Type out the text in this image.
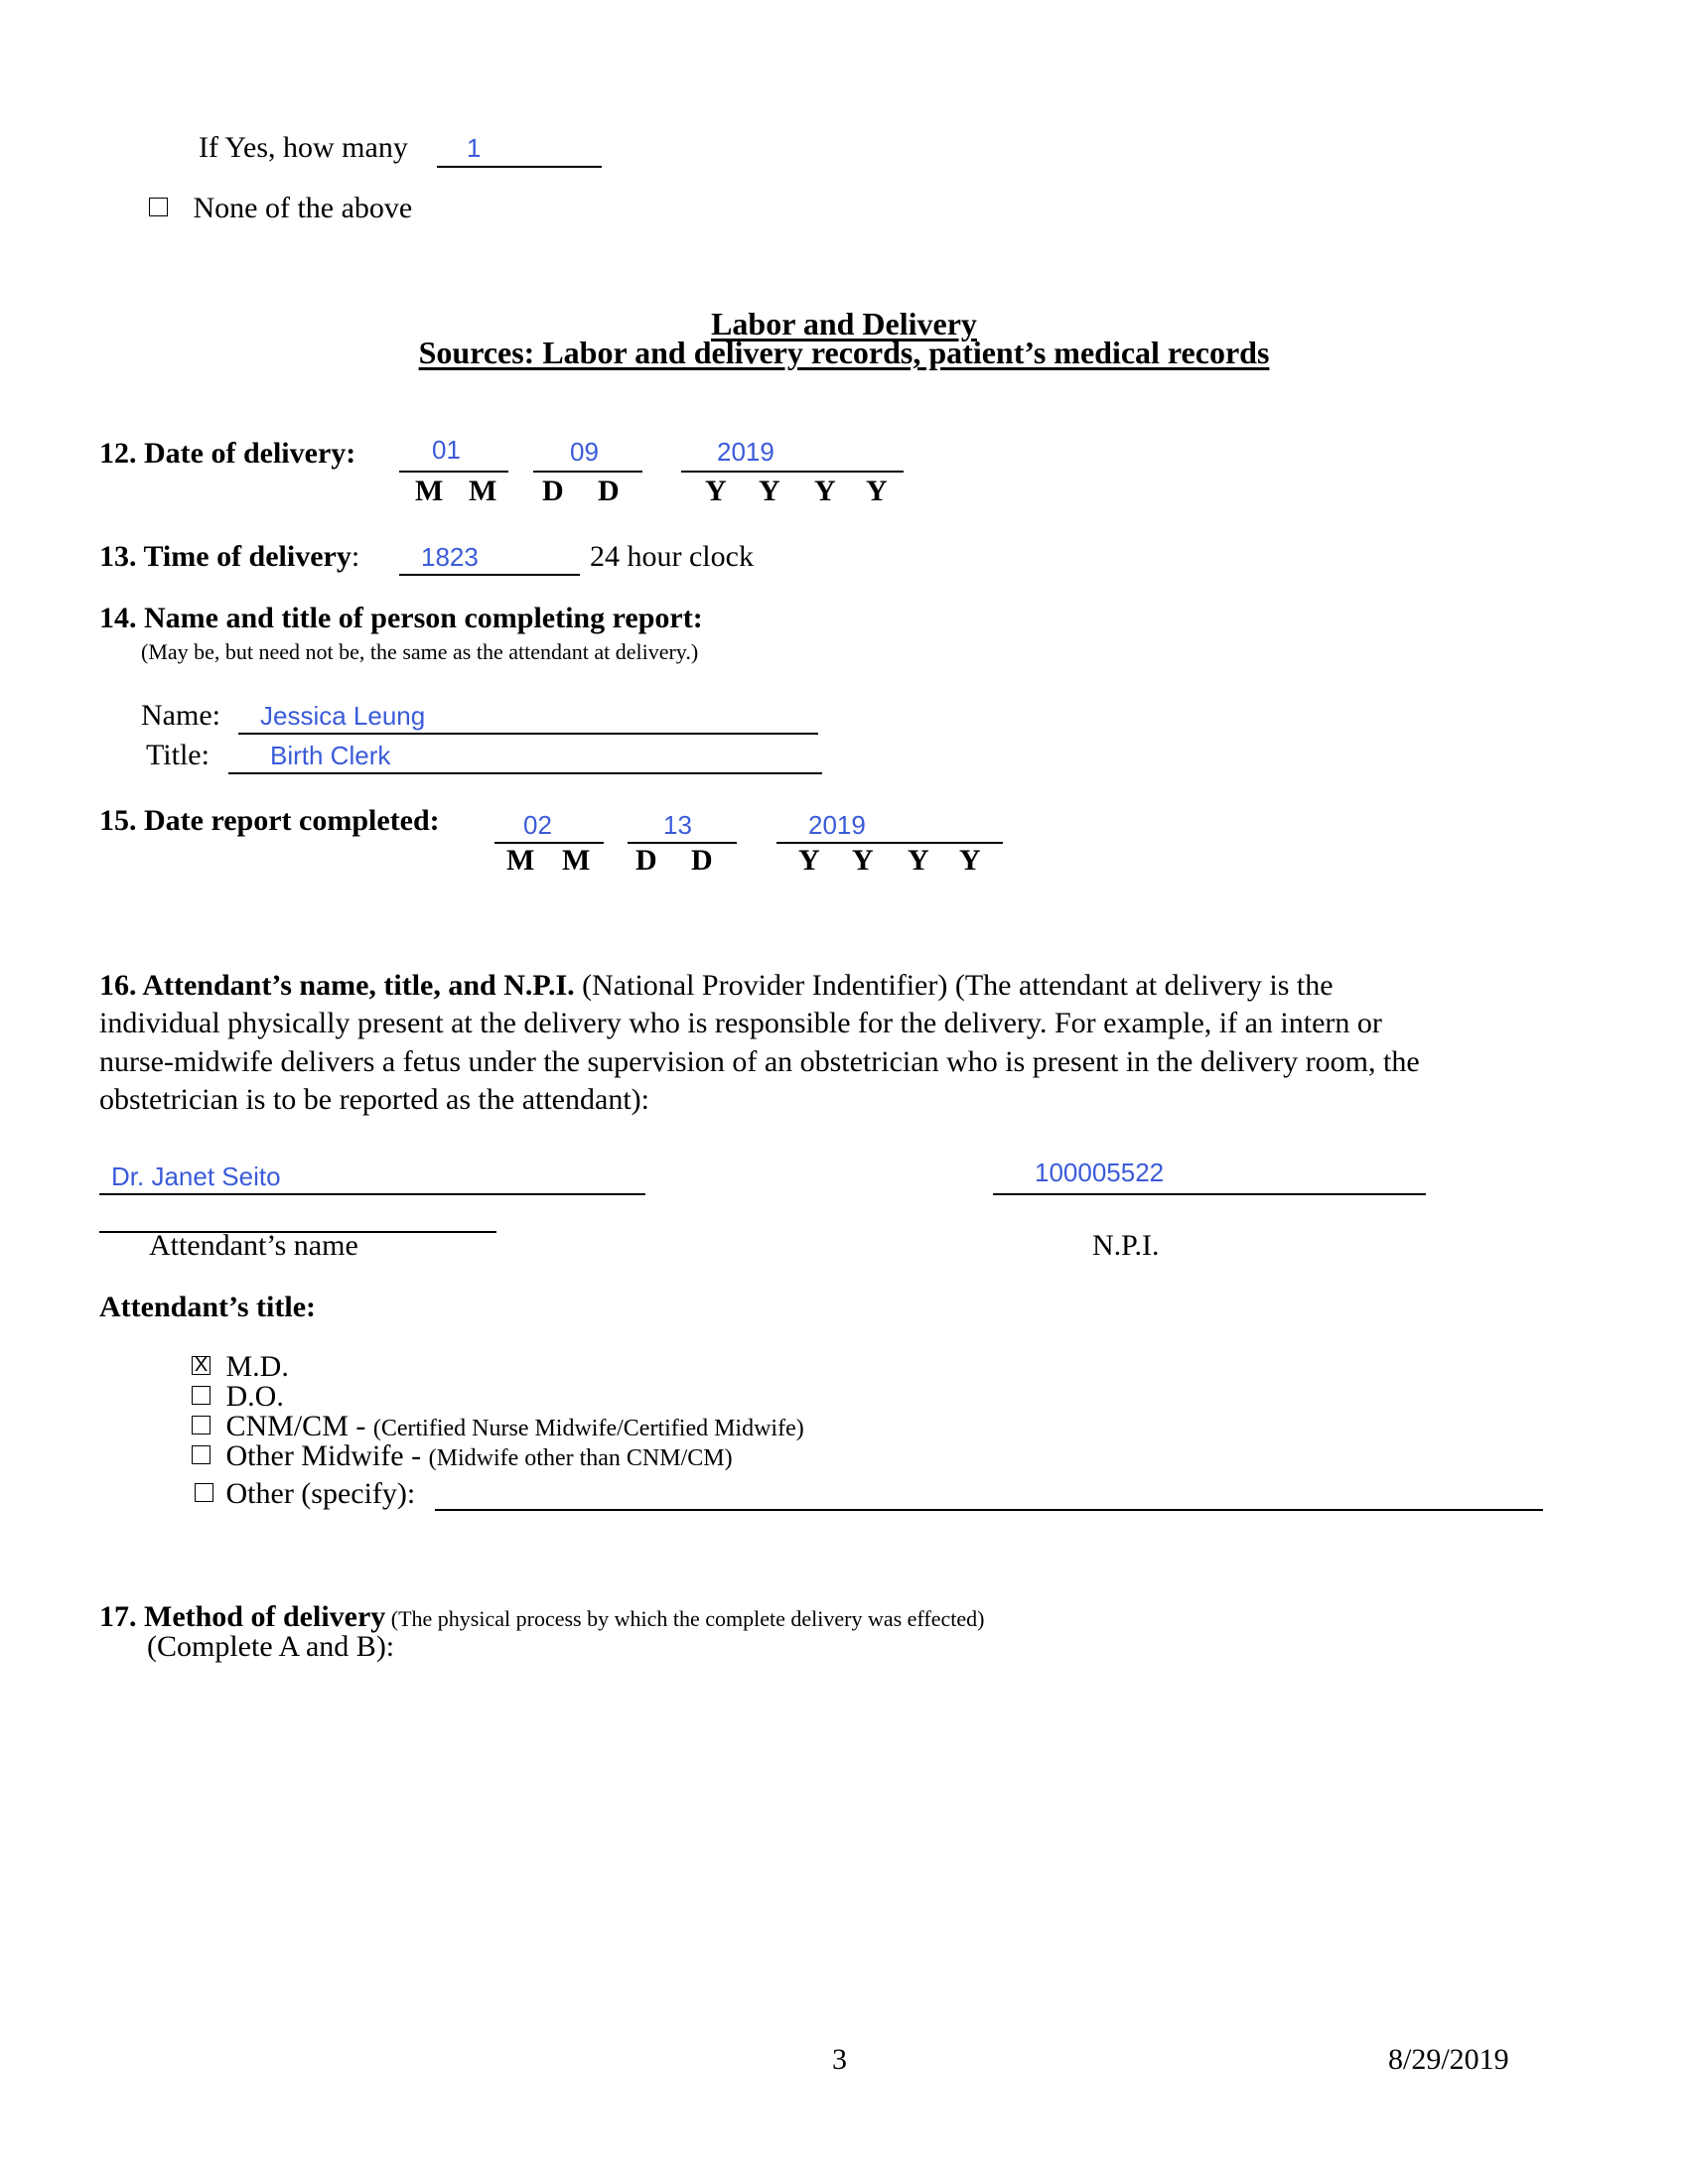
If Yes, how many 1
None of the above
Labor and Delivery
Sources: Labor and delivery records, patient’s medical records
12. Date of delivery:	01	09	2019
M M D D	Y Y Y Y
13. Time of delivery: 1823	24 hour clock
14. Name and title of person completing report:
(May be, but need not be, the same as the attendant at delivery.)
Name: Jessica Leung
Title: Birth Clerk
15. Date report completed:	02	13	2019
M M D D	Y Y Y Y
16. Attendant’s name, title, and N.P.I. (National Provider Indentifier) (The attendant at delivery is the
individual physically present at the delivery who is responsible for the delivery. For example, if an intern or
nurse-midwife delivers a fetus under the supervision of an obstetrician who is present in the delivery room, the
obstetrician is to be reported as the attendant):
Dr. Janet Seito	100005522
Attendant’s name	N.P.I.
Attendant’s title:
X M.D.
D.O.
CNM/CM - (Certified Nurse Midwife/Certified Midwife)
Other Midwife - (Midwife other than CNM/CM)
Other (specify):
17. Method of delivery (The physical process by which the complete delivery was effected)
(Complete A and B):
3	8/29/2019
